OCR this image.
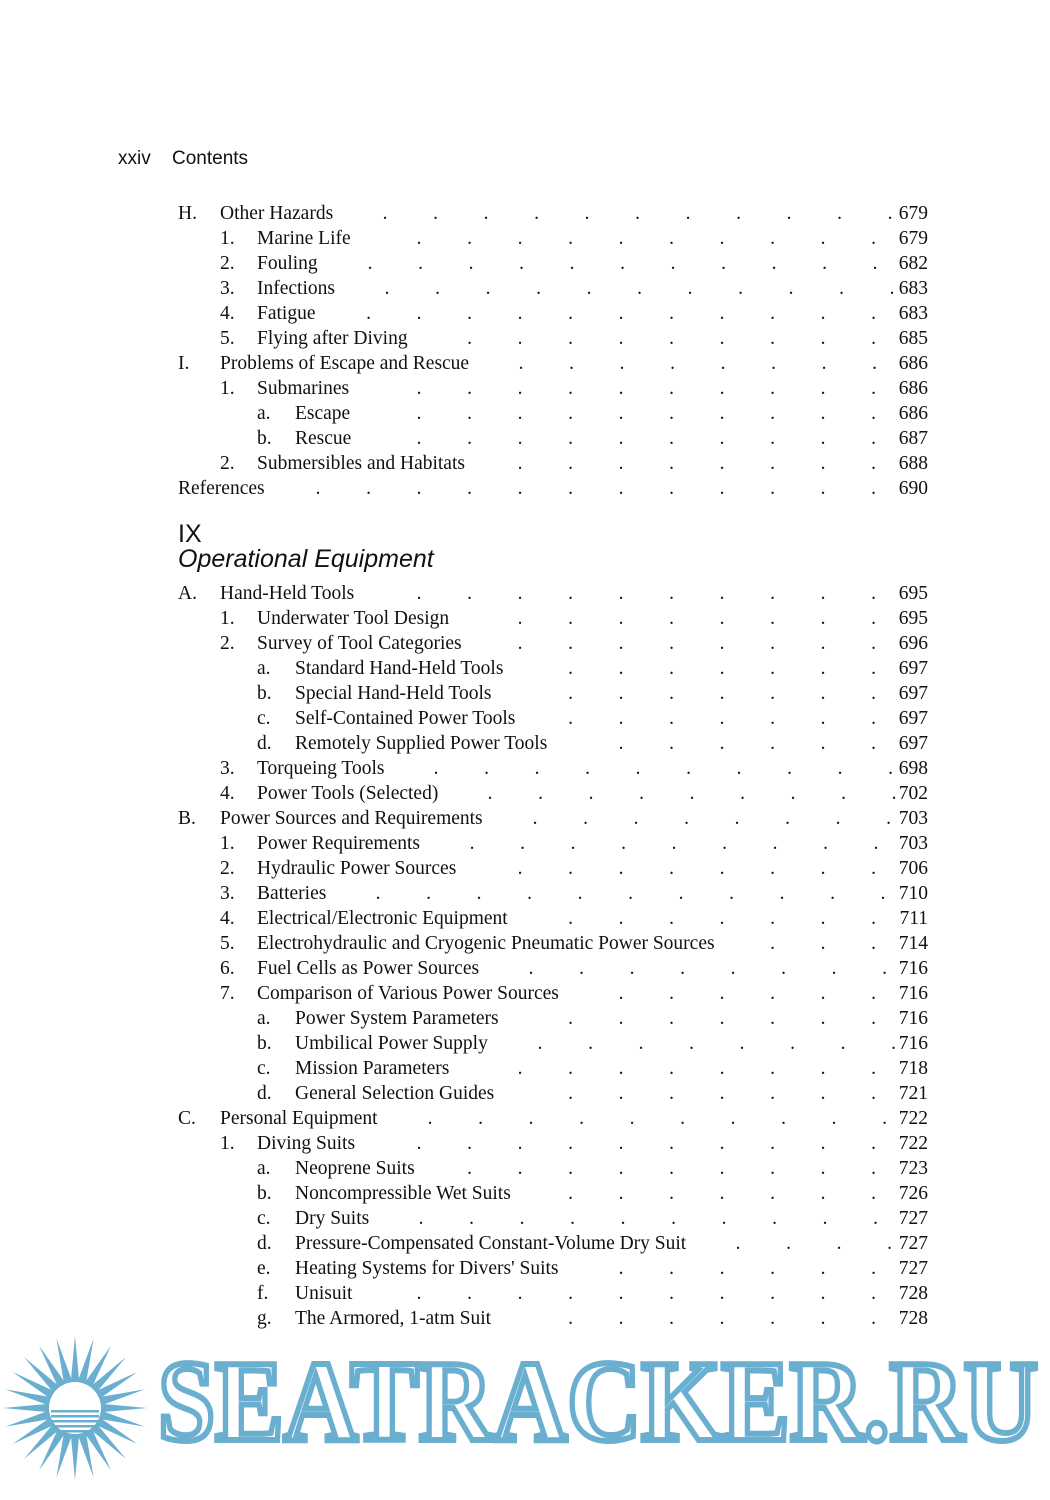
xxiv Contents
H. Other Hazards	679
. . . . . . . . . . .
1. Marine Life	679
. . . . . . . . . .
2. Fouling	682
. . . . . . . . . . .
3. Infections	683
. . . . . . . . . . .
4. Fatigue	683
. . . . . . . . . . .
5. Flying after Diving	685
. . . . . . . . .
I. Problems of Escape and Rescue	686
. . . . . . . .
1. Submarines	686
. . . . . . . . . .
a. Escape	686
. . . . . . . . . .
b. Rescue	687
. . . . . . . . . .
2. Submersibles and Habitats	688
. . . . . . . .
References	690
. . . . . . . . . . . .
IX
Operational Equipment
A. Hand-Held Tools	695
. . . . . . . . . .
1. Underwater Tool Design	695
. . . . . . . .
2. Survey of Tool Categories	696
. . . . . . . .
a. Standard Hand-Held Tools	697
. . . . . . .
b. Special Hand-Held Tools	697
. . . . . . .
c. Self-Contained Power Tools	697
. . . . . . .
d. Remotely Supplied Power Tools	697
. . . . . .
3. Torqueing Tools	698
. . . . . . . . . .
4. Power Tools (Selected)	702
. . . . . . . . .
B. Power Sources and Requirements	703
. . . . . . . .
1. Power Requirements	703
. . . . . . . . .
2. Hydraulic Power Sources	706
. . . . . . . .
3. Batteries	710
. . . . . . . . . . .
4. Electrical/Electronic Equipment	711
. . . . . . .
5. Electrohydraulic and Cryogenic Pneumatic Power Sources	714
. . .
6. Fuel Cells as Power Sources	716
. . . . . . . .
7. Comparison of Various Power Sources	716
. . . . . .
a. Power System Parameters	716
. . . . . . .
b. Umbilical Power Supply	716
. . . . . . . .
c. Mission Parameters	718
. . . . . . . .
d. General Selection Guides	721
. . . . . . .
C. Personal Equipment	722
. . . . . . . . . .
1. Diving Suits	722
. . . . . . . . . .
a. Neoprene Suits	723
. . . . . . . . .
b. Noncompressible Wet Suits	726
. . . . . . .
c. Dry Suits	727
. . . . . . . . . .
d. Pressure-Compensated Constant-Volume Dry Suit	727
. . . .
e. Heating Systems for Divers' Suits	727
. . . . . .
f. Unisuit	728
. . . . . . . . . .
g. The Armored, 1-atm Suit	728
. . . . . . .
SEATRACKER.RU
